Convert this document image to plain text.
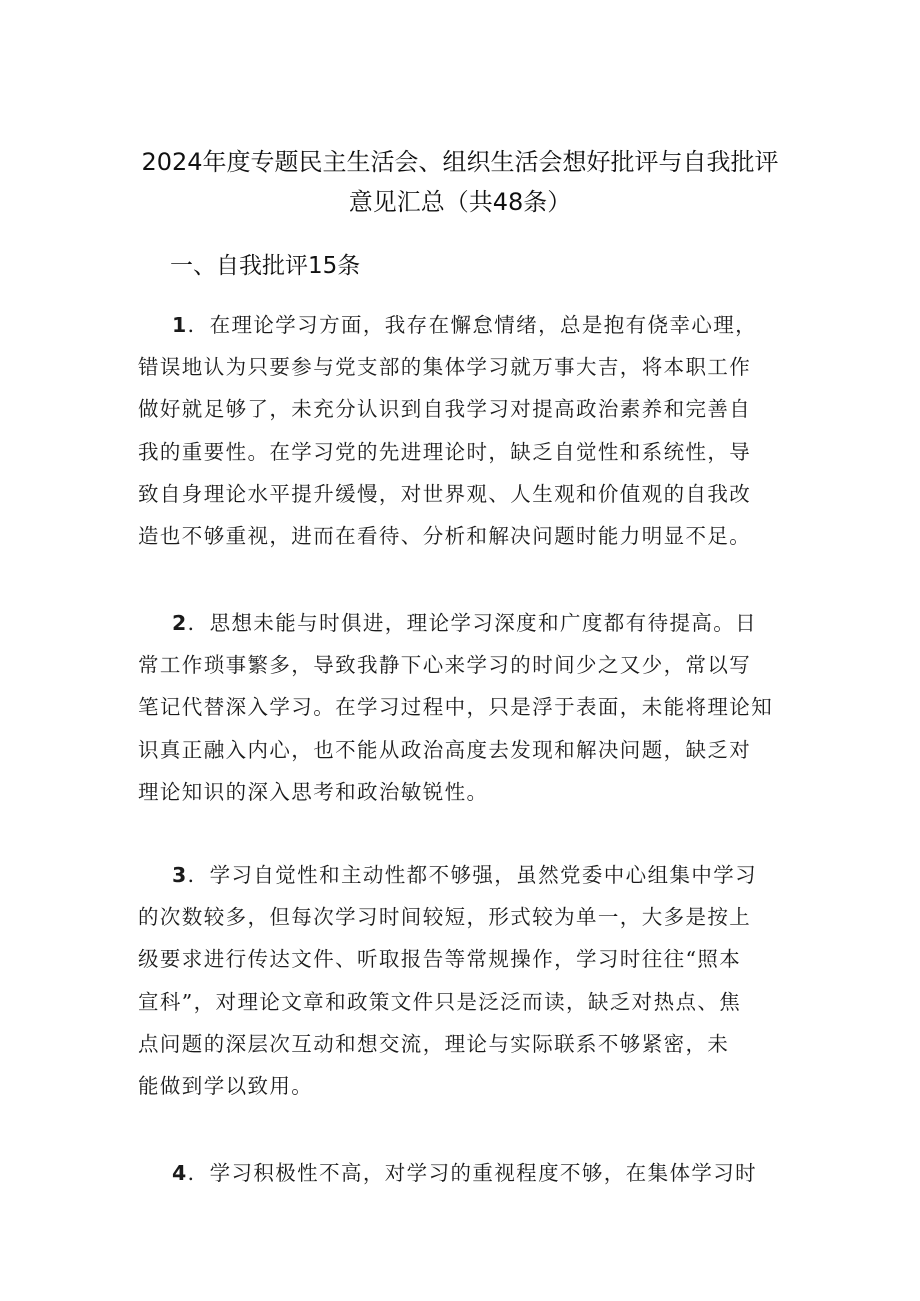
2024年度专题民主生活会、组织生活会想好批评与自我批评
意见汇总（共48条）
一、自我批评15条
1．在理论学习方面，我存在懈怠情绪，总是抱有侥幸心理，
错误地认为只要参与党支部的集体学习就万事大吉，将本职工作
做好就足够了，未充分认识到自我学习对提高政治素养和完善自
我的重要性。在学习党的先进理论时，缺乏自觉性和系统性，导
致自身理论水平提升缓慢，对世界观、人生观和价值观的自我改
造也不够重视，进而在看待、分析和解决问题时能力明显不足。
2．思想未能与时俱进，理论学习深度和广度都有待提高。日
常工作琐事繁多，导致我静下心来学习的时间少之又少，常以写
笔记代替深入学习。在学习过程中，只是浮于表面，未能将理论知
识真正融入内心，也不能从政治高度去发现和解决问题，缺乏对
理论知识的深入思考和政治敏锐性。
3．学习自觉性和主动性都不够强，虽然党委中心组集中学习
的次数较多，但每次学习时间较短，形式较为单一，大多是按上
级要求进行传达文件、听取报告等常规操作，学习时往往“照本
宣科”，对理论文章和政策文件只是泛泛而读，缺乏对热点、焦
点问题的深层次互动和想交流，理论与实际联系不够紧密，未
能做到学以致用。
4．学习积极性不高，对学习的重视程度不够，在集体学习时
